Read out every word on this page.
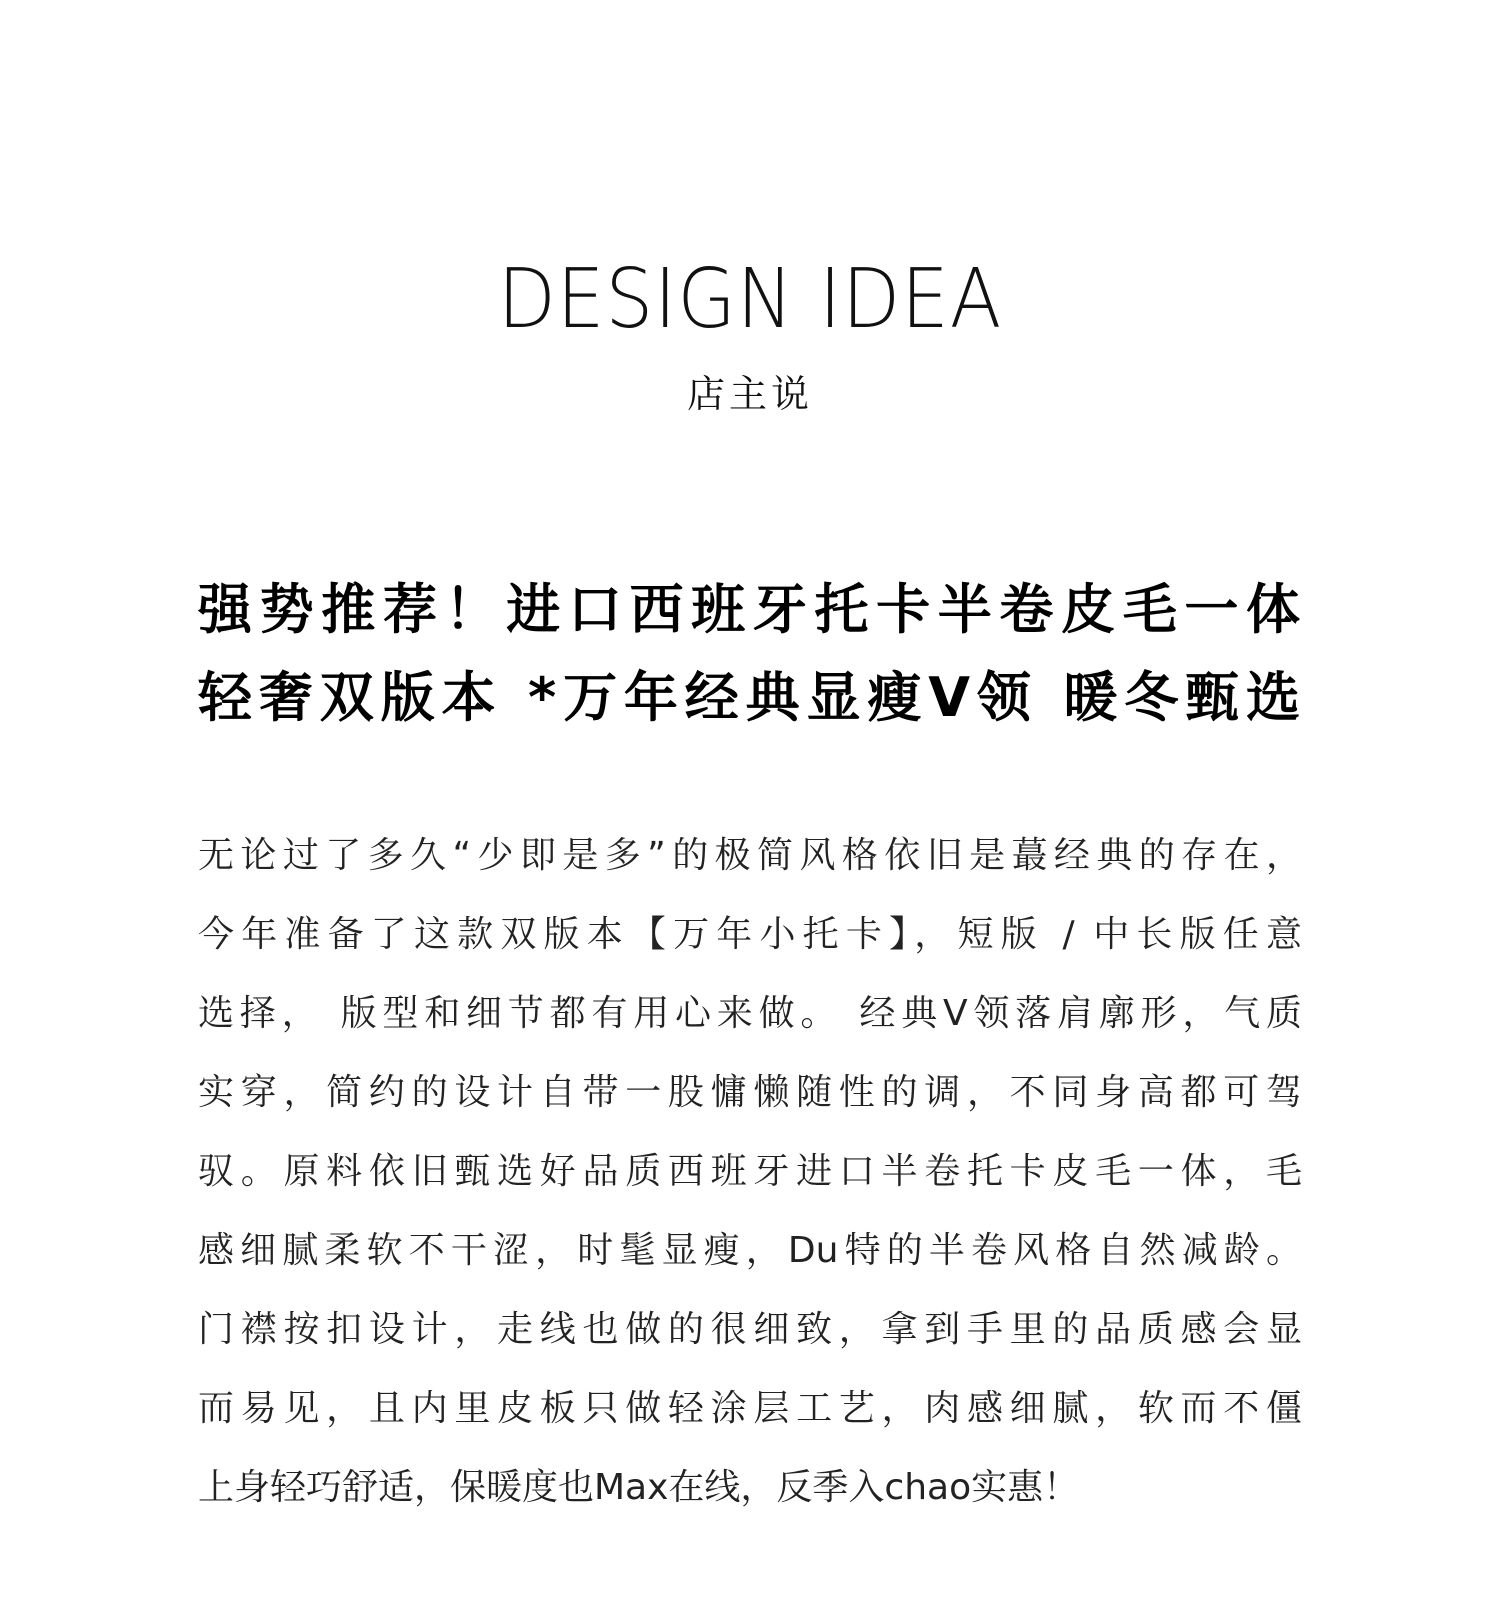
DESIGN IDEA
店主说
强势推荐！进口西班牙托卡半卷皮毛一体
轻奢双版本 *万年经典显瘦V领 暖冬甄选
无论过了多久“少即是多”的极简风格依旧是蕞经典的存在，
今年准备了这款双版本【万年小托卡】，短版 / 中长版任意
选择， 版型和细节都有用心来做。 经典V领落肩廓形，气质
实穿，简约的设计自带一股慵懒随性的调，不同身高都可驾
驭。原料依旧甄选好品质西班牙进口半卷托卡皮毛一体，毛
感细腻柔软不干涩，时髦显瘦，Du特的半卷风格自然减龄。
门襟按扣设计，走线也做的很细致，拿到手里的品质感会显
而易见，且内里皮板只做轻涂层工艺，肉感细腻，软而不僵
上身轻巧舒适，保暖度也Max在线，反季入chao实惠！
